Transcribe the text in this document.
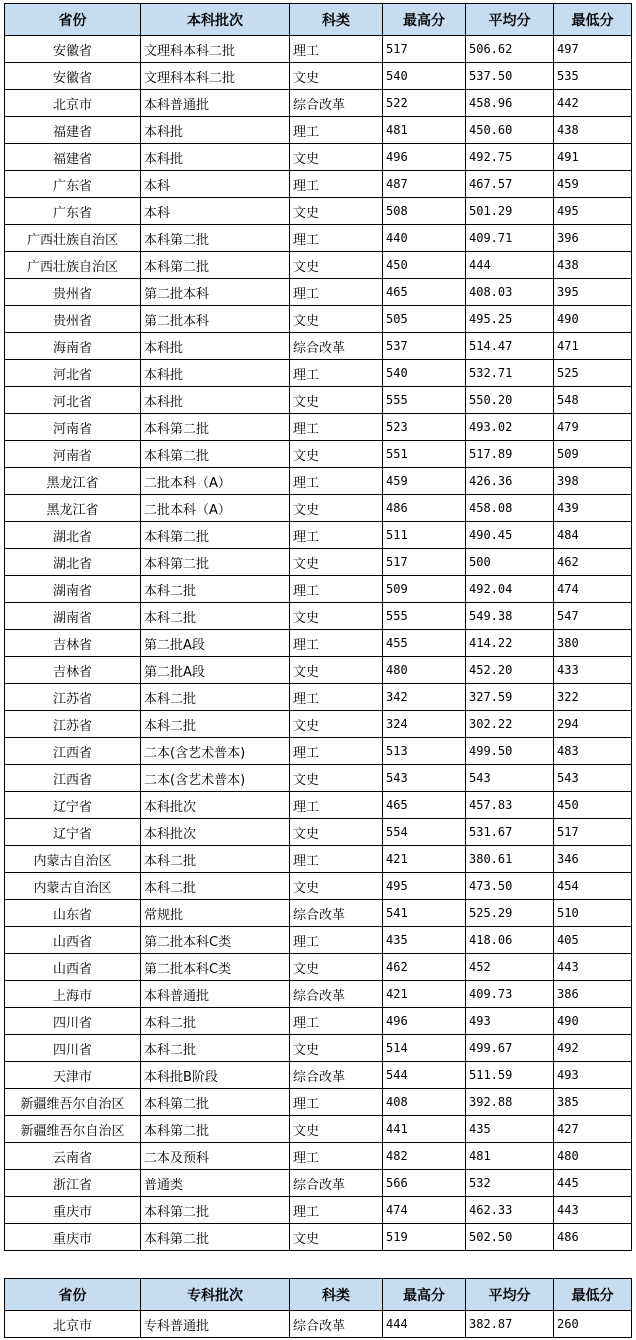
省份	本科批次	科类	最高分	平均分	最低分
安徽省	文理科本科二批	理工	517	506.62	497
安徽省	文理科本科二批	文史	540	537.50	535
北京市	本科普通批	综合改革	522	458.96	442
福建省	本科批	理工	481	450.60	438
福建省	本科批	文史	496	492.75	491
广东省	本科	理工	487	467.57	459
广东省	本科	文史	508	501.29	495
广西壮族自治区	本科第二批	理工	440	409.71	396
广西壮族自治区	本科第二批	文史	450	444	438
贵州省	第二批本科	理工	465	408.03	395
贵州省	第二批本科	文史	505	495.25	490
海南省	本科批	综合改革	537	514.47	471
河北省	本科批	理工	540	532.71	525
河北省	本科批	文史	555	550.20	548
河南省	本科第二批	理工	523	493.02	479
河南省	本科第二批	文史	551	517.89	509
黑龙江省	二批本科（A）	理工	459	426.36	398
黑龙江省	二批本科（A）	文史	486	458.08	439
湖北省	本科第二批	理工	511	490.45	484
湖北省	本科第二批	文史	517	500	462
湖南省	本科二批	理工	509	492.04	474
湖南省	本科二批	文史	555	549.38	547
吉林省	第二批A段	理工	455	414.22	380
吉林省	第二批A段	文史	480	452.20	433
江苏省	本科二批	理工	342	327.59	322
江苏省	本科二批	文史	324	302.22	294
江西省	二本(含艺术普本)	理工	513	499.50	483
江西省	二本(含艺术普本)	文史	543	543	543
辽宁省	本科批次	理工	465	457.83	450
辽宁省	本科批次	文史	554	531.67	517
内蒙古自治区	本科二批	理工	421	380.61	346
内蒙古自治区	本科二批	文史	495	473.50	454
山东省	常规批	综合改革	541	525.29	510
山西省	第二批本科C类	理工	435	418.06	405
山西省	第二批本科C类	文史	462	452	443
上海市	本科普通批	综合改革	421	409.73	386
四川省	本科二批	理工	496	493	490
四川省	本科二批	文史	514	499.67	492
天津市	本科批B阶段	综合改革	544	511.59	493
新疆维吾尔自治区	本科第二批	理工	408	392.88	385
新疆维吾尔自治区	本科第二批	文史	441	435	427
云南省	二本及预科	理工	482	481	480
浙江省	普通类	综合改革	566	532	445
重庆市	本科第二批	理工	474	462.33	443
重庆市	本科第二批	文史	519	502.50	486
省份	专科批次	科类	最高分	平均分	最低分
北京市	专科普通批	综合改革	444	382.87	260
